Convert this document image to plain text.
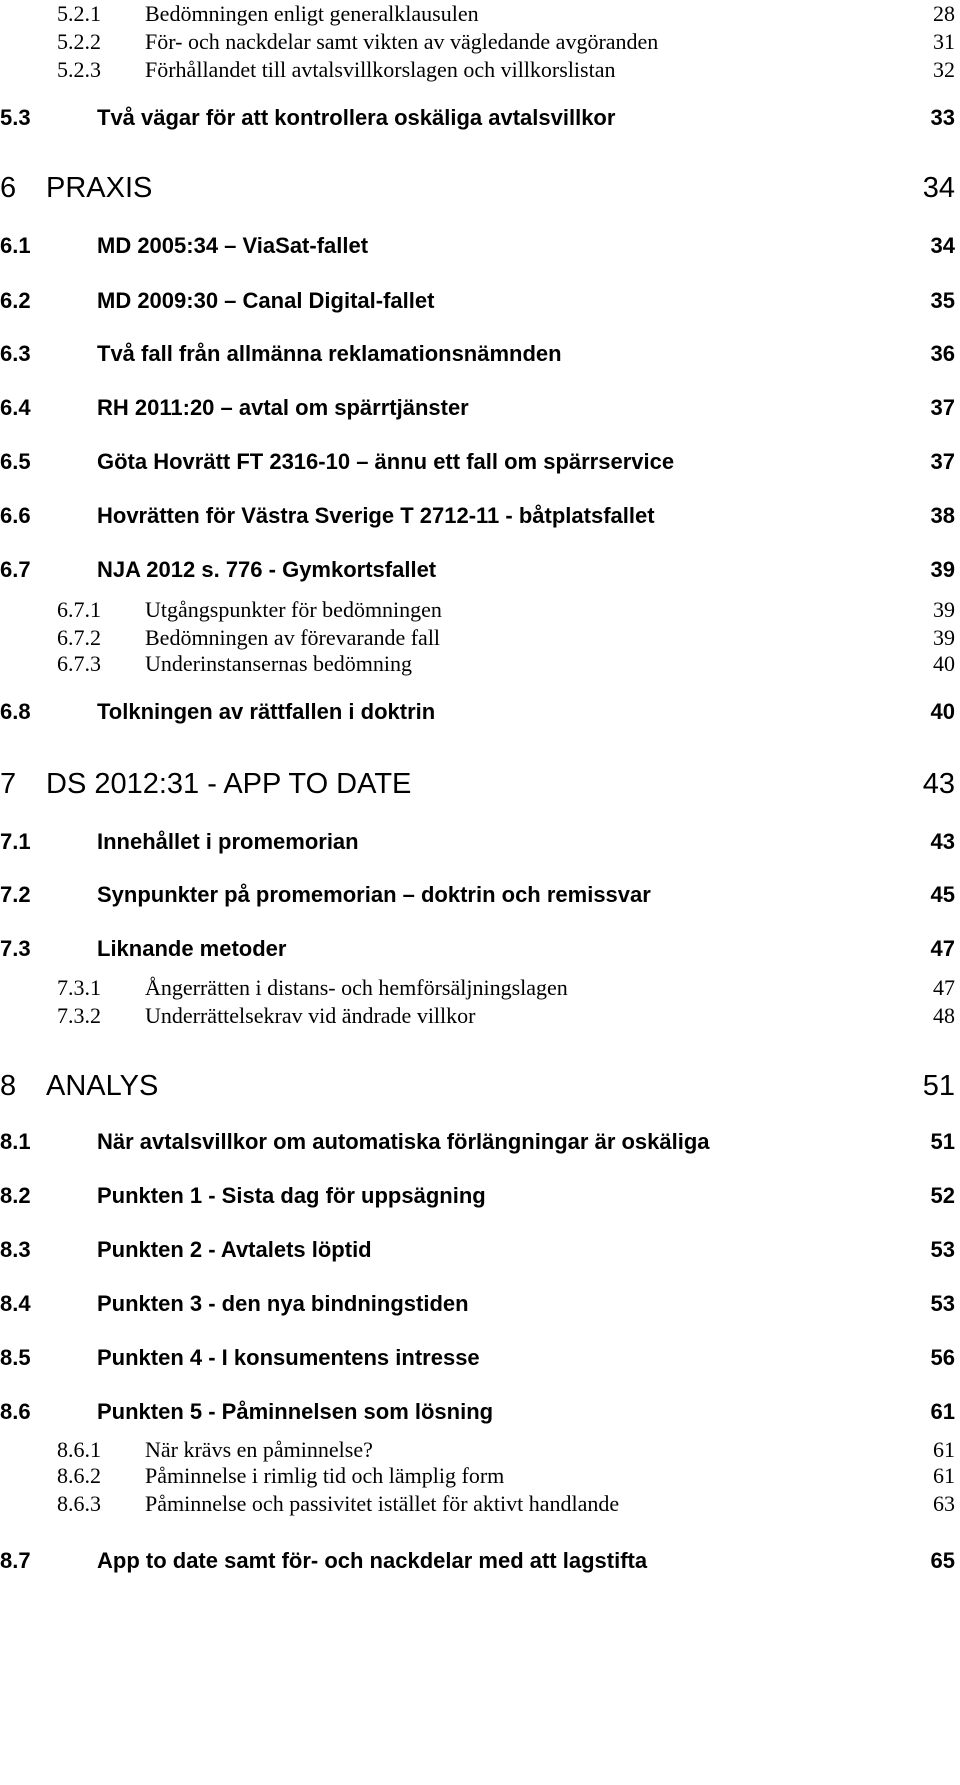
5.2.1 Bedömningen enligt generalklausulen	28
5.2.2 För- och nackdelar samt vikten av vägledande avgöranden	31
5.2.3 Förhållandet till avtalsvillkorslagen och villkorslistan	32
5.3	Två vägar för att kontrollera oskäliga avtalsvillkor	33
6 PRAXIS	34
6.1	MD 2005:34 – ViaSat-fallet	34
6.2	MD 2009:30 – Canal Digital-fallet	35
6.3	Två fall från allmänna reklamationsnämnden	36
6.4	RH 2011:20 – avtal om spärrtjänster	37
6.5	Göta Hovrätt FT 2316-10 – ännu ett fall om spärrservice	37
6.6	Hovrätten för Västra Sverige T 2712-11 - båtplatsfallet	38
6.7	NJA 2012 s. 776 - Gymkortsfallet	39
6.7.1 Utgångspunkter för bedömningen	39
6.7.2 Bedömningen av förevarande fall	39
6.7.3 Underinstansernas bedömning	40
6.8	Tolkningen av rättfallen i doktrin	40
7 DS 2012:31 - APP TO DATE	43
7.1	Innehållet i promemorian	43
7.2	Synpunkter på promemorian – doktrin och remissvar	45
7.3	Liknande metoder	47
7.3.1 Ångerrätten i distans- och hemförsäljningslagen	47
7.3.2 Underrättelsekrav vid ändrade villkor	48
8 ANALYS	51
8.1	När avtalsvillkor om automatiska förlängningar är oskäliga	51
8.2	Punkten 1 - Sista dag för uppsägning	52
8.3	Punkten 2 - Avtalets löptid	53
8.4	Punkten 3 - den nya bindningstiden	53
8.5	Punkten 4 - I konsumentens intresse	56
8.6	Punkten 5 - Påminnelsen som lösning	61
8.6.1 När krävs en påminnelse?	61
8.6.2 Påminnelse i rimlig tid och lämplig form	61
8.6.3 Påminnelse och passivitet istället för aktivt handlande	63
8.7	App to date samt för- och nackdelar med att lagstifta	65
